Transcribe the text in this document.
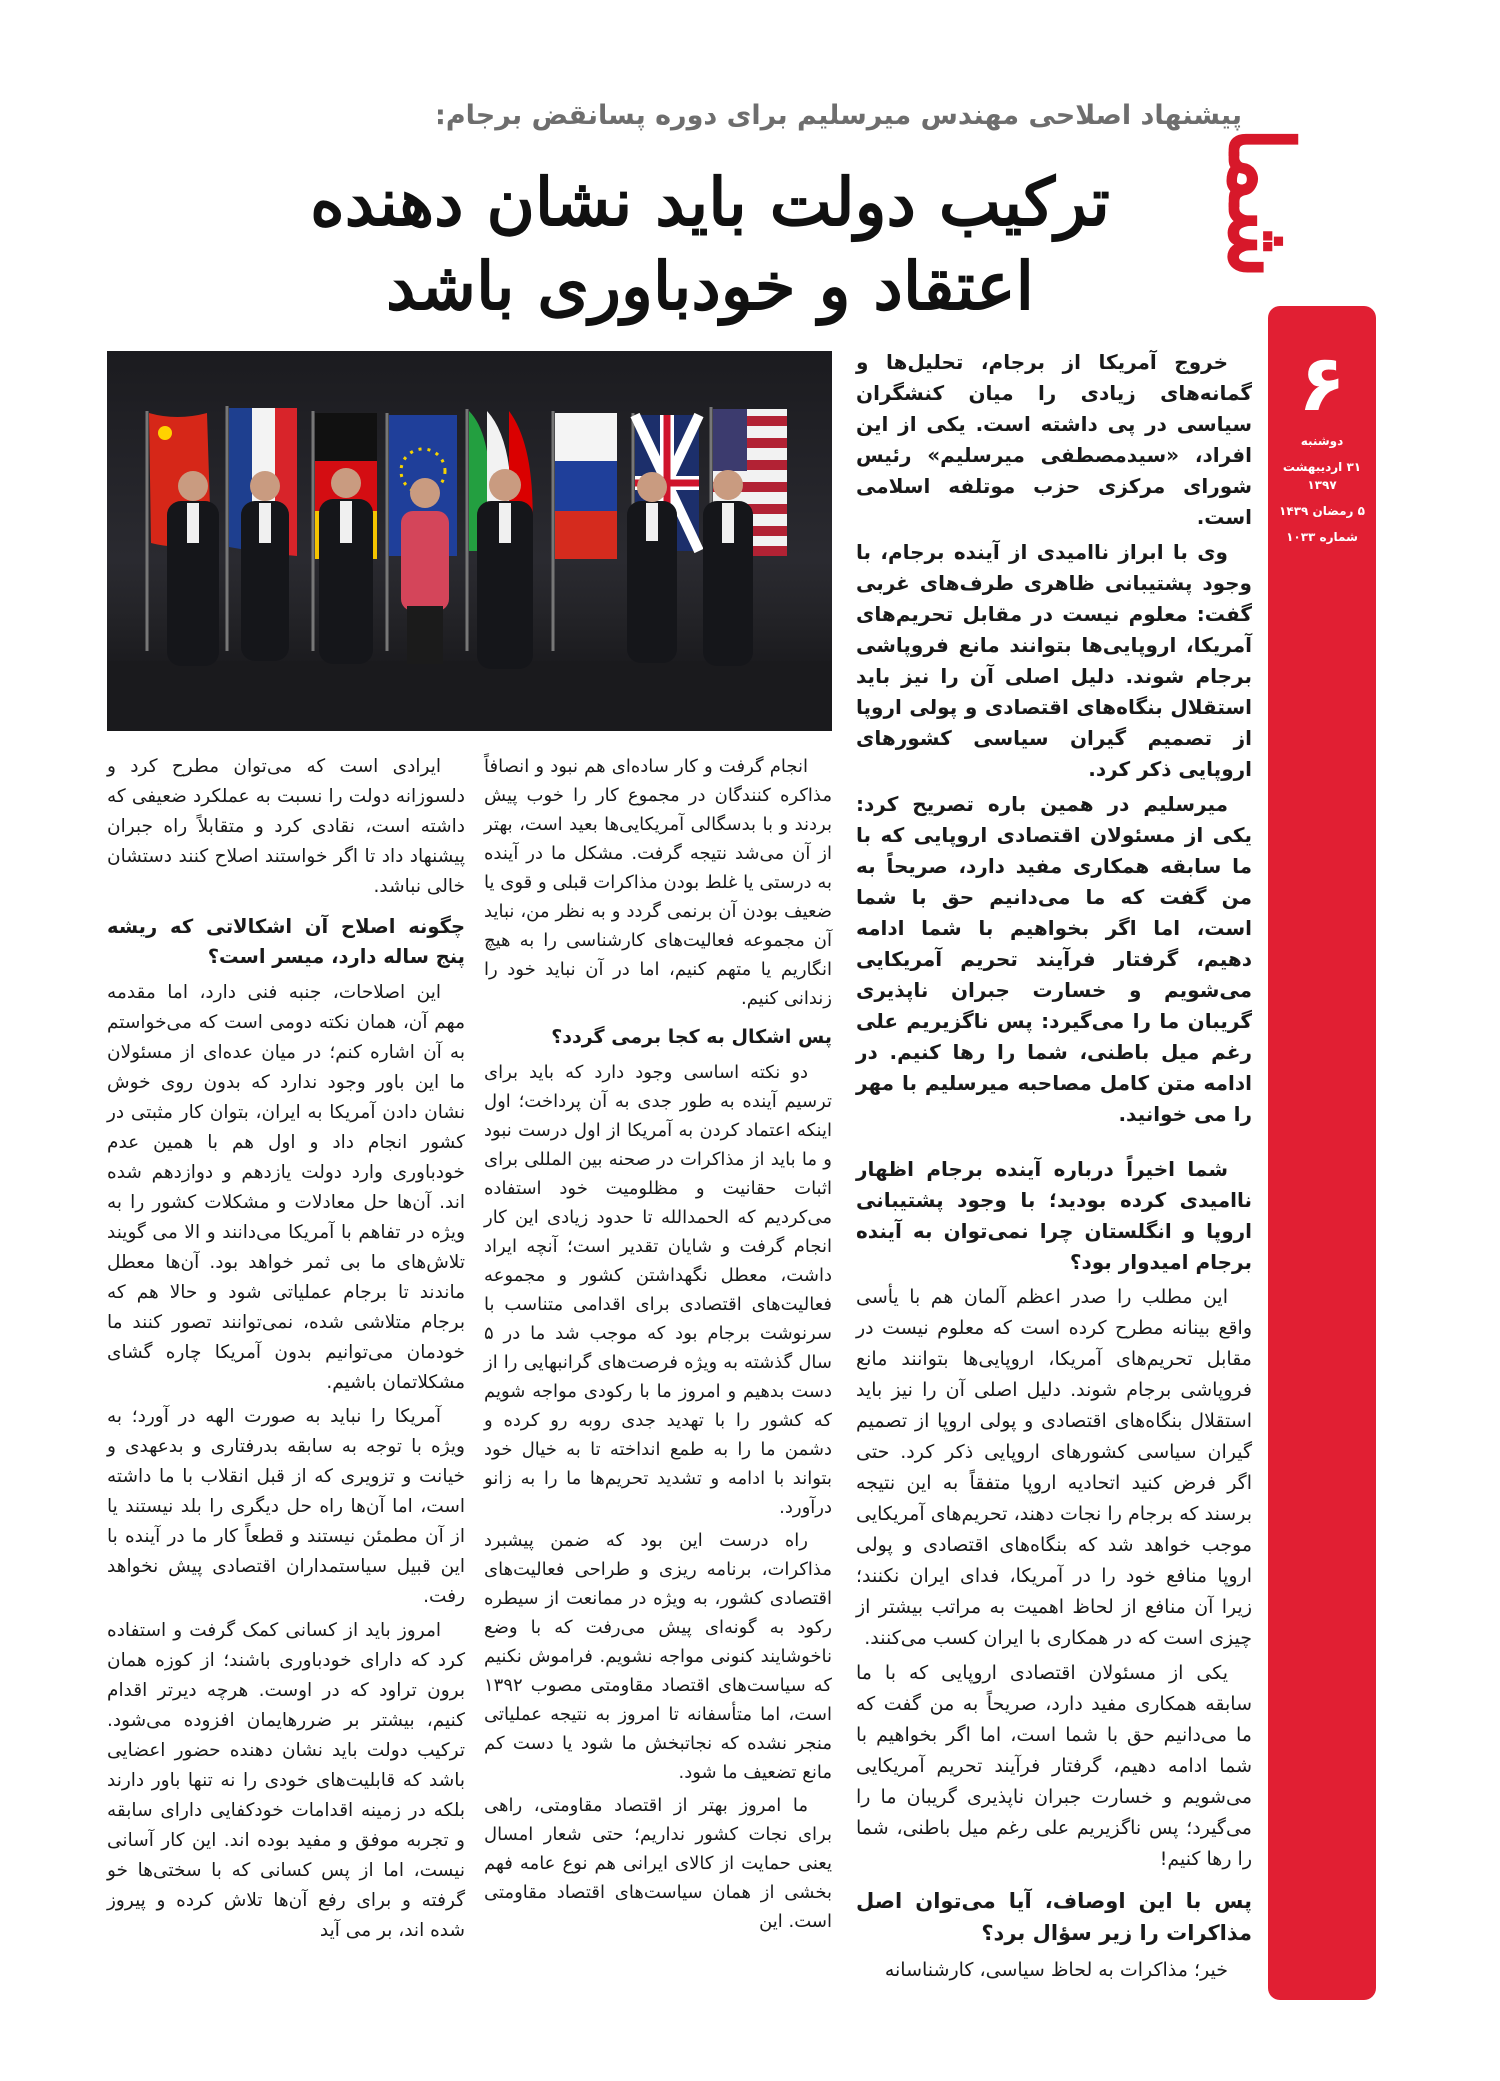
شما
۶
دوشنبه
۳۱ اردیبهشت ۱۳۹۷
۵ رمضان ۱۴۳۹
شماره ۱۰۳۳
پیشنهاد اصلاحی مهندس میرسلیم برای دوره پسانقض برجام:
ترکیب دولت باید نشان دهنده
اعتقاد و خودباوری باشد

خروج آمریکا از برجام، تحلیل‌ها و گمانه‌های زیادی را میان کنشگران سیاسی در پی داشته است. یکی از این افراد، «سیدمصطفی میرسلیم» رئیس شورای مرکزی حزب موتلفه اسلامی است.

وی با ابراز ناامیدی از آینده برجام، با وجود پشتیبانی ظاهری طرف‌های غربی گفت: معلوم نیست در مقابل تحریم‌های آمریکا، اروپایی‌ها بتوانند مانع فروپاشی برجام شوند. دلیل اصلی آن را نیز باید استقلال بنگاه‌های اقتصادی و پولی اروپا از تصمیم گیران سیاسی کشورهای اروپایی ذکر کرد.

میرسلیم در همین باره تصریح کرد: یکی از مسئولان اقتصادی اروپایی که با ما سابقه همکاری مفید دارد، صریحاً به من گفت که ما می‌دانیم حق با شما است، اما اگر بخواهیم با شما ادامه دهیم، گرفتار فرآیند تحریم آمریکایی می‌شویم و خسارت جبران ناپذیری گریبان ما را می‌گیرد: پس ناگزیریم علی رغم میل باطنی، شما را رها کنیم. در ادامه متن کامل مصاحبه میرسلیم با مهر را می خوانید.

شما اخیراً درباره آینده برجام اظهار ناامیدی کرده بودید؛ با وجود پشتیبانی اروپا و انگلستان چرا نمی‌توان به آینده برجام امیدوار بود؟

این مطلب را صدر اعظم آلمان هم با یأسی واقع بینانه مطرح کرده است که معلوم نیست در مقابل تحریم‌های آمریکا، اروپایی‌ها بتوانند مانع فروپاشی برجام شوند. دلیل اصلی آن را نیز باید استقلال بنگاه‌های اقتصادی و پولی اروپا از تصمیم گیران سیاسی کشورهای اروپایی ذکر کرد. حتی اگر فرض کنید اتحادیه اروپا متفقاً به این نتیجه برسند که برجام را نجات دهند، تحریم‌های آمریکایی موجب خواهد شد که بنگاه‌های اقتصادی و پولی اروپا منافع خود را در آمریکا، فدای ایران نکنند؛ زیرا آن منافع از لحاظ اهمیت به مراتب بیشتر از چیزی است که در همکاری با ایران کسب می‌کنند.

یکی از مسئولان اقتصادی اروپایی که با ما سابقه همکاری مفید دارد، صریحاً به من گفت که ما می‌دانیم حق با شما است، اما اگر بخواهیم با شما ادامه دهیم، گرفتار فرآیند تحریم آمریکایی می‌شویم و خسارت جبران ناپذیری گریبان ما را می‌گیرد؛ پس ناگزیریم علی رغم میل باطنی، شما را رها کنیم!

پس با این اوصاف، آیا می‌توان اصل مذاکرات را زیر سؤال برد؟

خیر؛ مذاکرات به لحاظ سیاسی، کارشناسانه

انجام گرفت و کار ساده‌ای هم نبود و انصافاً مذاکره کنندگان در مجموع کار را خوب پیش بردند و با بدسگالی آمریکایی‌ها بعید است، بهتر از آن می‌شد نتیجه گرفت. مشکل ما در آینده به درستی یا غلط بودن مذاکرات قبلی و قوی یا ضعیف بودن آن برنمی گردد و به نظر من، نباید آن مجموعه فعالیت‌های کارشناسی را به هیچ انگاریم یا متهم کنیم، اما در آن نباید خود را زندانی کنیم.

پس اشکال به کجا برمی گردد؟

دو نکته اساسی وجود دارد که باید برای ترسیم آینده به طور جدی به آن پرداخت؛ اول اینکه اعتماد کردن به آمریکا از اول درست نبود و ما باید از مذاکرات در صحنه بین المللی برای اثبات حقانیت و مظلومیت خود استفاده می‌کردیم که الحمدالله تا حدود زیادی این کار انجام گرفت و شایان تقدیر است؛ آنچه ایراد داشت، معطل نگهداشتن کشور و مجموعه فعالیت‌های اقتصادی برای اقدامی متناسب با سرنوشت برجام بود که موجب شد ما در ۵ سال گذشته به ویژه فرصت‌های گرانبهایی را از دست بدهیم و امروز ما با رکودی مواجه شویم که کشور را با تهدید جدی روبه رو کرده و دشمن ما را به طمع انداخته تا به خیال خود بتواند با ادامه و تشدید تحریم‌ها ما را به زانو درآورد.

راه درست این بود که ضمن پیشبرد مذاکرات، برنامه ریزی و طراحی فعالیت‌های اقتصادی کشور، به ویژه در ممانعت از سیطره رکود به گونه‌ای پیش می‌رفت که با وضع ناخوشایند کنونی مواجه نشویم. فراموش نکنیم که سیاست‌های اقتصاد مقاومتی مصوب ۱۳۹۲ است، اما متأسفانه تا امروز به نتیجه عملیاتی منجر نشده که نجاتبخش ما شود یا دست کم مانع تضعیف ما شود.

ما امروز بهتر از اقتصاد مقاومتی، راهی برای نجات کشور نداریم؛ حتی شعار امسال یعنی حمایت از کالای ایرانی هم نوع عامه فهم بخشی از همان سیاست‌های اقتصاد مقاومتی است. این

ایرادی است که می‌توان مطرح کرد و دلسوزانه دولت را نسبت به عملکرد ضعیفی که داشته است، نقادی کرد و متقابلاً راه جبران پیشنهاد داد تا اگر خواستند اصلاح کنند دستشان خالی نباشد.

چگونه اصلاح آن اشکالاتی که ریشه پنج ساله دارد، میسر است؟

این اصلاحات، جنبه فنی دارد، اما مقدمه مهم آن، همان نکته دومی است که می‌خواستم به آن اشاره کنم؛ در میان عده‌ای از مسئولان ما این باور وجود ندارد که بدون روی خوش نشان دادن آمریکا به ایران، بتوان کار مثبتی در کشور انجام داد و اول هم با همین عدم خودباوری وارد دولت یازدهم و دوازدهم شده اند. آن‌ها حل معادلات و مشکلات کشور را به ویژه در تفاهم با آمریکا می‌دانند و الا می گویند تلاش‌های ما بی ثمر خواهد بود. آن‌ها معطل ماندند تا برجام عملیاتی شود و حالا هم که برجام متلاشی شده، نمی‌توانند تصور کنند ما خودمان می‌توانیم بدون آمریکا چاره گشای مشکلاتمان باشیم.

آمریکا را نباید به صورت الهه در آورد؛ به ویژه با توجه به سابقه بدرفتاری و بدعهدی و خیانت و تزویری که از قبل انقلاب با ما داشته است، اما آن‌ها راه حل دیگری را بلد نیستند یا از آن مطمئن نیستند و قطعاً کار ما در آینده با این قبیل سیاستمداران اقتصادی پیش نخواهد رفت.

امروز باید از کسانی کمک گرفت و استفاده کرد که دارای خودباوری باشند؛ از کوزه همان برون تراود که در اوست. هرچه دیرتر اقدام کنیم، بیشتر بر ضررهایمان افزوده می‌شود. ترکیب دولت باید نشان دهنده حضور اعضایی باشد که قابلیت‌های خودی را نه تنها باور دارند بلکه در زمینه اقدامات خودکفایی دارای سابقه و تجربه موفق و مفید بوده اند. این کار آسانی نیست، اما از پس کسانی که با سختی‌ها خو گرفته و برای رفع آن‌ها تلاش کرده و پیروز شده اند، بر می آید
